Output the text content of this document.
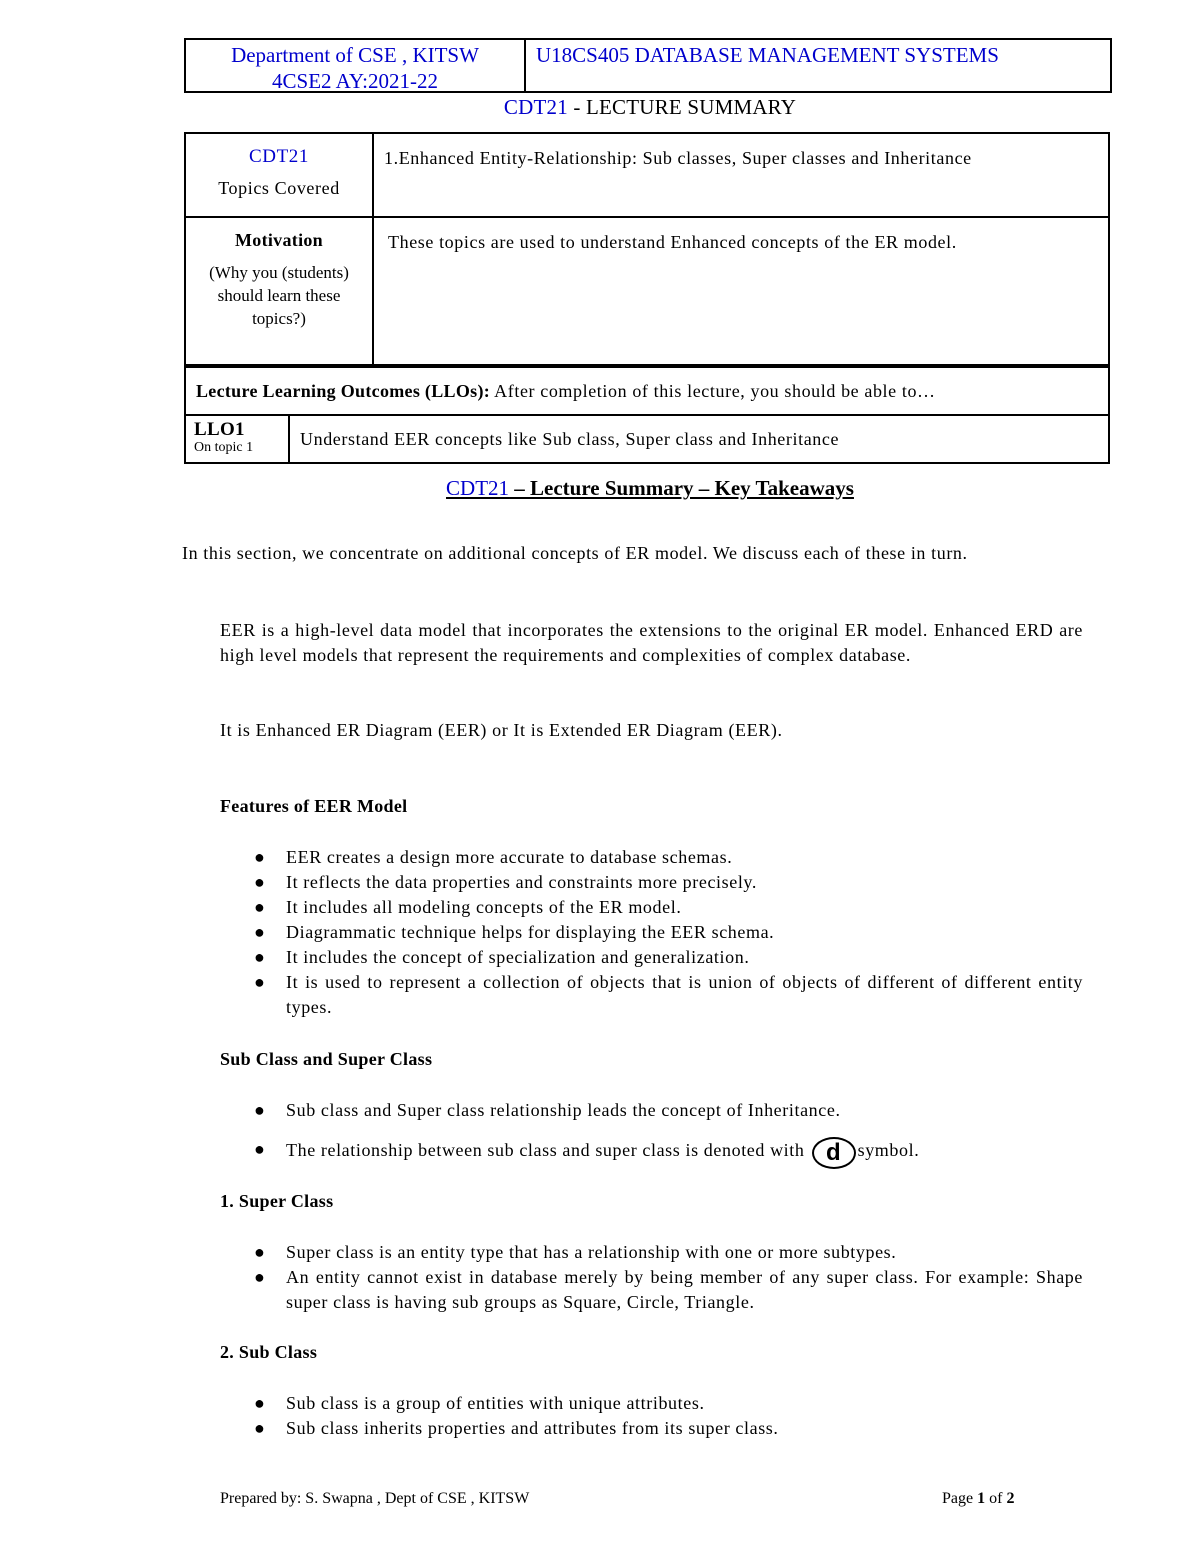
Department of CSE , KITSW
4CSE2 AY:2021-22
U18CS405 DATABASE MANAGEMENT SYSTEMS
CDT21 - LECTURE SUMMARY
CDT21
Topics Covered	1.Enhanced Entity-Relationship: Sub classes, Super classes and Inheritance

Motivation
(Why you (students) should learn these topics?)	These topics are used to understand Enhanced concepts of the ER model.
Lecture Learning Outcomes (LLOs): After completion of this lecture, you should be able to…

LLO1
On topic 1	Understand EER concepts like Sub class, Super class and Inheritance
CDT21 – Lecture Summary – Key Takeaways
In this section, we concentrate on additional concepts of ER model. We discuss each of these in turn.
EER is a high-level data model that incorporates the extensions to the original ER model. Enhanced ERD are high level models that represent the requirements and complexities of complex database.
It is Enhanced ER Diagram (EER) or It is Extended ER Diagram (EER).
Features of EER Model
● EER creates a design more accurate to database schemas.
● It reflects the data properties and constraints more precisely.
● It includes all modeling concepts of the ER model.
● Diagrammatic technique helps for displaying the EER schema.
● It includes the concept of specialization and generalization.
● It is used to represent a collection of objects that is union of objects of different of different entity types.
Sub Class and Super Class
● Sub class and Super class relationship leads the concept of Inheritance.
● The relationship between sub class and super class is denoted with d symbol.
1. Super Class
● Super class is an entity type that has a relationship with one or more subtypes.
● An entity cannot exist in database merely by being member of any super class. For example: Shape super class is having sub groups as Square, Circle, Triangle.
2. Sub Class
● Sub class is a group of entities with unique attributes.
● Sub class inherits properties and attributes from its super class.
Prepared by: S. Swapna , Dept of CSE , KITSW	Page 1 of 2
